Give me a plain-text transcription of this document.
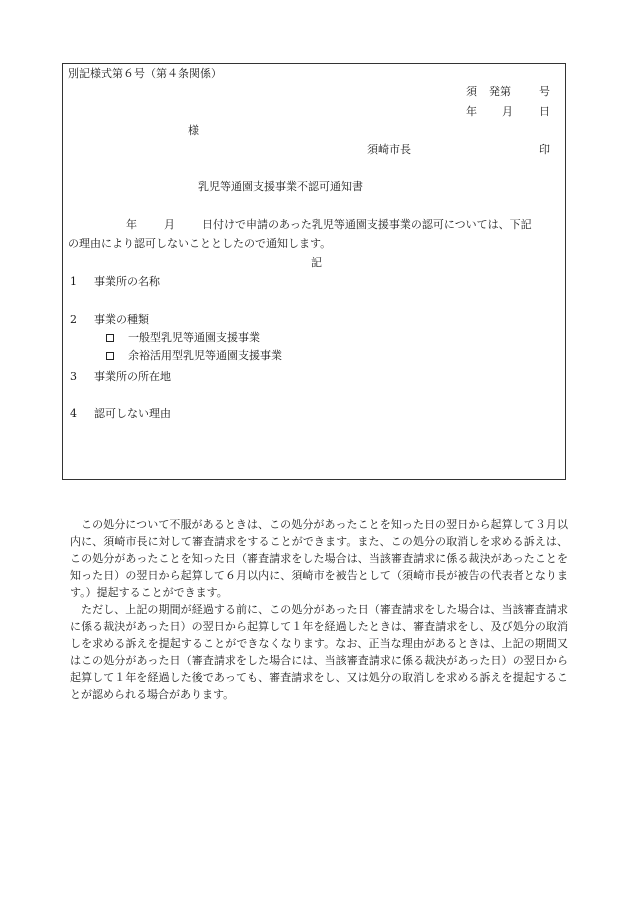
別記様式第６号（第４条関係）
須 発第	号
年 月 日
様
須崎市長	印
乳児等通園支援事業不認可通知書
年 月 日付けで申請のあった乳児等通園支援事業の認可については、下記
の理由により認可しないこととしたので通知します。
記
1 事業所の名称
2 事業の種類
一般型乳児等通園支援事業
余裕活用型乳児等通園支援事業
3 事業所の所在地
4 認可しない理由

この処分について不服があるときは、この処分があったことを知った日の翌日から起算して３月以内に、須崎市長に対して審査請求をすることができます。また、この処分の取消しを求める訴えは、この処分があったことを知った日（審査請求をした場合は、当該審査請求に係る裁決があったことを知った日）の翌日から起算して６月以内に、須崎市を被告として（須崎市長が被告の代表者となります。）提起することができます。

ただし、上記の期間が経過する前に、この処分があった日（審査請求をした場合は、当該審査請求に係る裁決があった日）の翌日から起算して１年を経過したときは、審査請求をし、及び処分の取消しを求める訴えを提起することができなくなります。なお、正当な理由があるときは、上記の期間又はこの処分があった日（審査請求をした場合には、当該審査請求に係る裁決があった日）の翌日から起算して１年を経過した後であっても、審査請求をし、又は処分の取消しを求める訴えを提起することが認められる場合があります。
